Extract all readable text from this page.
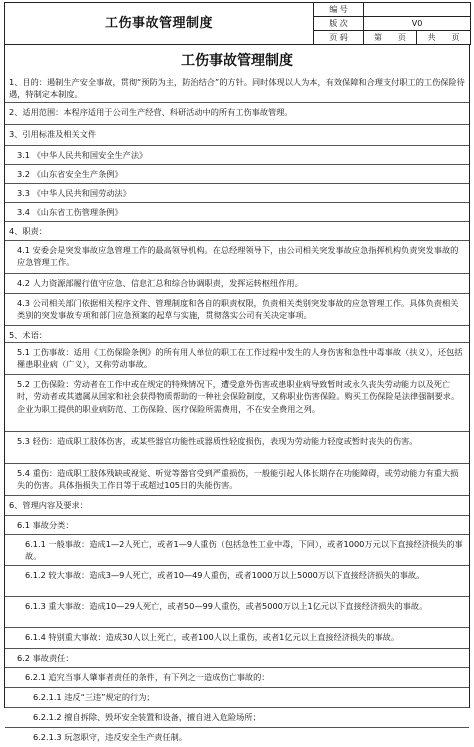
工伤事故管理制度	编 号		
	版 次	V0	
	页 码	第　　页	共　　页
工伤事故管理制度
1、目的：遏制生产安全事故，贯彻“预防为主，防治结合”的方针。同时体现以人为本，有效保障和合理支付职工的工伤保险待遇，特制定本制度。
2、适用范围：本程序适用于公司生产经营、科研活动中的所有工伤事故管理。
3、引用标准及相关文件
3.1 《中华人民共和国安全生产法》
3.2 《山东省安全生产条例》
3.3 《中华人民共和国劳动法》
3.4 《山东省工伤管理条例》
4、职责：
4.1 安委会是突发事故应急管理工作的最高领导机构。在总经理领导下，由公司相关突发事故应急指挥机构负责突发事故的应急管理工作。
4.2 人力资源部履行值守应急、信息汇总和综合协调职责，发挥运转枢纽作用。
4.3 公司相关部门依据相关程序文件、管理制度和各自的职责权限，负责相关类别突发事故的应急管理工作。具体负责相关类别的突发事故专项和部门应急预案的起草与实施，贯彻落实公司有关决定事项。
5、术语：
5.1 工伤事故：适用《工伤保险条例》的所有用人单位的职工在工作过程中发生的人身伤害和急性中毒事故（扶义），还包括罹患职业病（广义），又称劳动事故。
5.2 工伤保险：劳动者在工作中或在规定的特殊情况下，遭受意外伤害或患职业病导致暂时或永久丧失劳动能力以及死亡时，劳动者或其遗属从国家和社会获得物质帮助的一种社会保险制度，又称职业伤害保险。购买工伤保险是法律强制要求。企业为职工提供的职业病防范、工伤保险、医疗保险所需费用，不在安全费用之列。
5.3 轻伤：造成职工肢体伤害，或某些器官功能性或器质性轻度损伤，表现为劳动能力轻度或暂时丧失的伤害。
5.4 重伤：造成职工肢体残缺或视觉、听觉等器官受到严重损伤，一般能引起人体长期存在功能障碍，或劳动能力有重大损失的伤害。具体指损失工作日等于或超过105日的失能伤害。
6、管理内容及要求：
6.1 事故分类：
6.1.1 一般事故：造成1—2人死亡，或者1—9人重伤（包括急性工业中毒，下同），或者1000万元以下直接经济损失的事故。
6.1.2 较大事故：造成3—9人死亡，或者10—49人重伤，或者1000万以上5000万以下直接经济损失的事故。
6.1.3 重大事故：造成10—29人死亡，或者50—99人重伤，或者5000万以上1亿元以下直接经济损失的事故。
6.1.4 特别重大事故：造成30人以上死亡，或者100人以上重伤，或者1亿元以上直接经济损失的事故。
6.2 事故责任：
6.2.1 追究当事人肇事者责任的条件，有下列之一造成伤亡事故的：
6.2.1.1 违反“三违”规定的行为；
6.2.1.2 擅自拆除、毁坏安全装置和设备，擅自进入危险场所；
6.2.1.3 玩忽职守，违反安全生产责任制。
